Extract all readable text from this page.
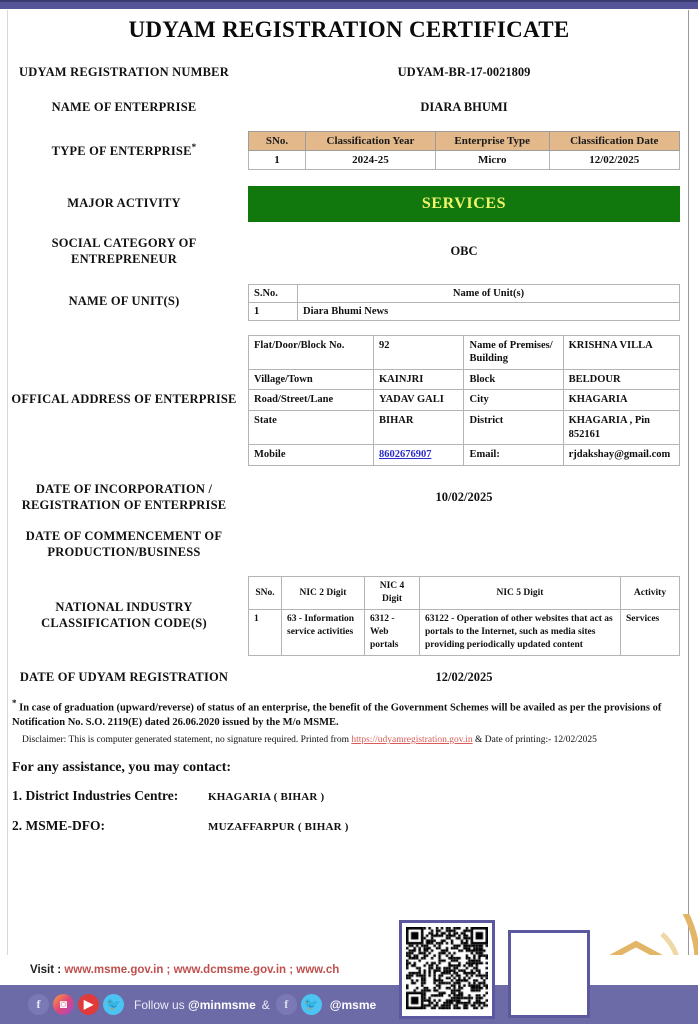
UDYAM REGISTRATION CERTIFICATE
UDYAM REGISTRATION NUMBER	UDYAM-BR-17-0021809
NAME OF ENTERPRISE	DIARA BHUMI
TYPE OF ENTERPRISE*	SNo.	Classification Year	Enterprise Type	Classification Date
1	2024-25	Micro	12/02/2025
MAJOR ACTIVITY	SERVICES
SOCIAL CATEGORY OF
ENTREPRENEUR
OBC
NAME OF UNIT(S)
S.No.	Name of Unit(s)
1	Diara Bhumi News
OFFICAL ADDRESS OF ENTERPRISE
Flat/Door/Block No.	92	Name of Premises/ Building	KRISHNA VILLA
Village/Town	KAINJRI	Block	BELDOUR
Road/Street/Lane	YADAV GALI	City	KHAGARIA
State	BIHAR	District	KHAGARIA , Pin 852161
Mobile	8602676907	Email:	rjdakshay@gmail.com
DATE OF INCORPORATION /
REGISTRATION OF ENTERPRISE
10/02/2025
DATE OF COMMENCEMENT OF
PRODUCTION/BUSINESS
NATIONAL INDUSTRY
CLASSIFICATION CODE(S)
SNo.	NIC 2 Digit	NIC 4 Digit	NIC 5 Digit	Activity
1	63 - Information service activities	6312 - Web portals	63122 - Operation of other websites that act as portals to the Internet, such as media sites providing periodically updated content	Services
DATE OF UDYAM REGISTRATION	12/02/2025
* In case of graduation (upward/reverse) of status of an enterprise, the benefit of the Government Schemes will be availed as per the provisions of
Notification No. S.O. 2119(E) dated 26.06.2020 issued by the M/o MSME.
Disclaimer: This is computer generated statement, no signature required. Printed from https://udyamregistration.gov.in & Date of printing:- 12/02/2025
For any assistance, you may contact:
1. District Industries Centre:	KHAGARIA ( BIHAR )
2. MSME-DFO:	MUZAFFARPUR ( BIHAR )
Visit : www.msme.gov.in ; www.dcmsme.gov.in ; www.ch
f	◙	▶	🐦	Follow us @minmsme &	f	🐦 @msme
